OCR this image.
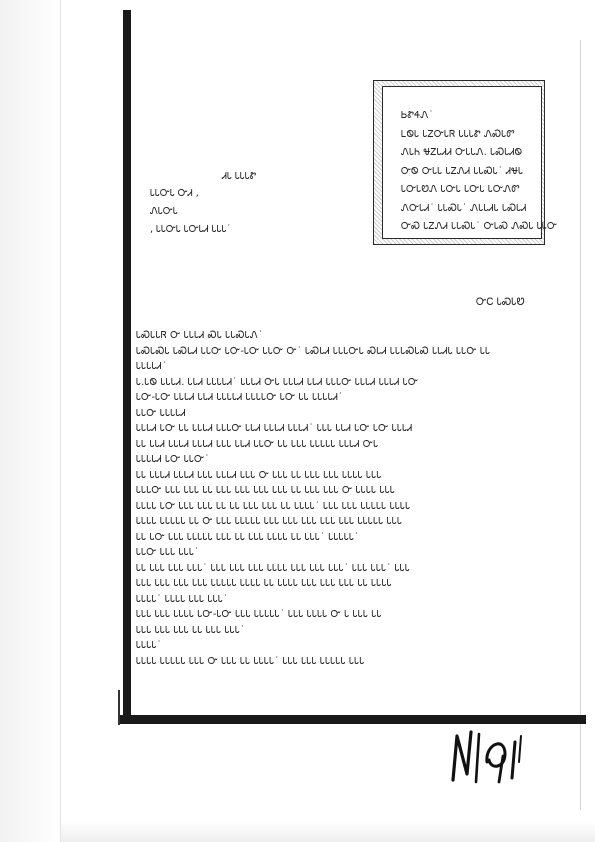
ᏏᏑᏎᏁ˙
ᏞᏫᏓ ᏓᏃᏅᏓᏒ ᏓᏓᏓᏑ ᏁᏍᏓᏛ
ᏁᏓᏂ ᏠᏃᏓᏗᏗ ᏅᏓᏓᏁ. ᏓᏍᏓᏗᏫ
ᏅᏫ ᏅᏓᏓ ᏓᏃᏁᏗ ᏓᏓᏍᏓ˙ ᏗᏠᏓ
ᏓᏅᏓᏬᏁ ᏓᏅᏓ ᏓᏅᏓ ᏓᏅᏁᏛ
ᏁᏅᏓᏗ˙ ᏓᏓᏍᏓ˙ ᏁᏓᏓᏗᏓ ᏓᏍᏓᏗ
ᏅᏍ ᏓᏃᏁᏗ ᏓᏓᏍᏓ˙ ᏅᏓᏍ ᏁᏍᏓ ᏓᏓᏅ
ᏗᏓ ᏓᏓᏓᏑ
ᏓᏓᏅᏓ ᏅᏗ ,
ᏁᏓᏅᏓ
, ᏓᏓᏅᏓ ᏓᏅᏓᏗ ᏓᏓᏓ˙
ᏅᏟ ᏓᏍᏓᏬ
ᏓᏍᏓᏓᏒ Ꮕ ᏓᏓᏓᏗ ᏍᏓ ᏓᏓᏍᏓᏁ˙
ᏓᏍᏓᏍᏓ ᏓᏍᏓᏗ ᏓᏓᏅ ᏓᏅ-ᏓᏅ ᏓᏓᏅ Ꮕ˙ ᏓᏍᏓᏗ ᏓᏓᏓᏅᏓ ᏍᏓᏗ ᏓᏓᏓᏍᏓᏍ ᏓᏓᏗᏓ ᏓᏓᏅ ᏓᏓ
ᏓᏓᏓᏓᏗ˙
Ꮣ.ᏓᏫ ᏓᏓᏓᏗ. ᏓᏓᏗ ᏓᏓᏓᏓᏗ˙ ᏓᏓᏓᏗ ᏅᏓ ᏓᏓᏓᏗ ᏓᏓᏗ ᏓᏓᏓᏅ ᏓᏓᏓᏗ ᏓᏓᏓᏗ ᏓᏅ
ᏓᏅ-ᏓᏅ ᏓᏓᏓᏗ ᏓᏓᏗ ᏓᏓᏓᏓᏗ ᏓᏓᏓᏓᏅ ᏓᏅ ᏓᏓ ᏓᏓᏓᏓᏗ˙
ᏓᏓᏅ ᏓᏓᏓᏓᏗ
ᏓᏓᏓᏗ ᏓᏅ ᏓᏓ ᏓᏓᏓᏗ ᏓᏓᏓᏅ ᏓᏓᏗ ᏓᏓᏓᏗ ᏓᏓᏓᏗ˙ ᏓᏓᏓ ᏓᏓᏗ ᏓᏅ ᏓᏅ ᏓᏓᏓᏗ
ᏓᏓ ᏓᏓᏗ ᏓᏓᏓᏗ ᏓᏓᏓᏗ ᏓᏓᏓ ᏓᏓᏗ ᏓᏓᏅ ᏓᏓ ᏓᏓᏓ ᏓᏓᏓᏓᏓ ᏓᏓᏓᏗ ᏅᏓ
ᏓᏓᏓᏓᏗ ᏓᏅ ᏓᏓᏅ˙
ᏓᏓ ᏓᏓᏓᏗ ᏓᏓᏓᏗ ᏓᏓᏓ ᏓᏓᏓᏗ ᏓᏓᏓ Ꮕ ᏓᏓᏓ ᏓᏓ ᏓᏓᏓ ᏓᏓᏓ ᏓᏓᏓᏓ ᏓᏓᏓ
ᏓᏓᏓᏅ ᏓᏓᏓ ᏓᏓᏓ ᏓᏓ ᏓᏓᏓ ᏓᏓᏓ ᏓᏓᏓ ᏓᏓᏓ ᏓᏓ ᏓᏓᏓ ᏓᏓᏓ Ꮕ ᏓᏓᏓᏓ ᏓᏓᏓ
ᏓᏓᏓᏓ ᏓᏅ ᏓᏓᏓ ᏓᏓᏓ ᏓᏓ ᏓᏓ ᏓᏓᏓ ᏓᏓᏓ ᏓᏓ ᏓᏓᏓᏓ˙ ᏓᏓᏓ ᏓᏓᏓ ᏓᏓᏓᏓᏓ ᏓᏓᏓᏓ
ᏓᏓᏓᏓ ᏓᏓᏓᏓᏓ ᏓᏓ Ꮕ ᏓᏓᏓ ᏓᏓᏓᏓᏓ ᏓᏓᏓ ᏓᏓᏓ ᏓᏓᏓ ᏓᏓᏓ ᏓᏓᏓ ᏓᏓᏓᏓᏓ ᏓᏓᏓ
ᏓᏓ ᏓᏅ ᏓᏓᏓ ᏓᏓᏓᏓᏓ ᏓᏓᏓ ᏓᏓ ᏓᏓᏓ ᏓᏓᏓᏓ ᏓᏓ ᏓᏓᏓ˙ ᏓᏓᏓᏓᏓ˙
ᏓᏓᏅ ᏓᏓᏓ ᏓᏓᏓ˙
ᏓᏓ ᏓᏓᏓ ᏓᏓᏓ ᏓᏓᏓ˙ ᏓᏓᏓ ᏓᏓᏓ ᏓᏓᏓ ᏓᏓᏓᏓ ᏓᏓᏓ ᏓᏓᏓ ᏓᏓᏓ˙ ᏓᏓᏓ ᏓᏓᏓ˙ ᏓᏓᏓ
ᏓᏓᏓ ᏓᏓᏓ ᏓᏓᏓ ᏓᏓᏓ ᏓᏓᏓᏓᏓ ᏓᏓᏓᏓ ᏓᏓ ᏓᏓᏓᏓ ᏓᏓᏓ ᏓᏓᏓ ᏓᏓᏓ ᏓᏓ ᏓᏓᏓᏓ
ᏓᏓᏓᏓ˙ ᏓᏓᏓᏓ ᏓᏓᏓ ᏓᏓᏓ˙
ᏓᏓᏓ ᏓᏓᏓ ᏓᏓᏓᏓ ᏓᏅ-ᏓᏅ ᏓᏓᏓ ᏓᏓᏓᏓᏓ˙ ᏓᏓᏓ ᏓᏓᏓᏓ Ꮕ Ꮣ ᏓᏓᏓ ᏓᏓ
ᏓᏓᏓ ᏓᏓᏓ ᏓᏓᏓ ᏓᏓ ᏓᏓᏓ ᏓᏓᏓ˙
ᏓᏓᏓᏓ˙
ᏓᏓᏓᏓ ᏓᏓᏓᏓᏓ ᏓᏓᏓ Ꮕ ᏓᏓᏓ ᏓᏓ ᏓᏓᏓᏓ˙ ᏓᏓᏓ ᏓᏓᏓ ᏓᏓᏓᏓᏓ ᏓᏓᏓ
